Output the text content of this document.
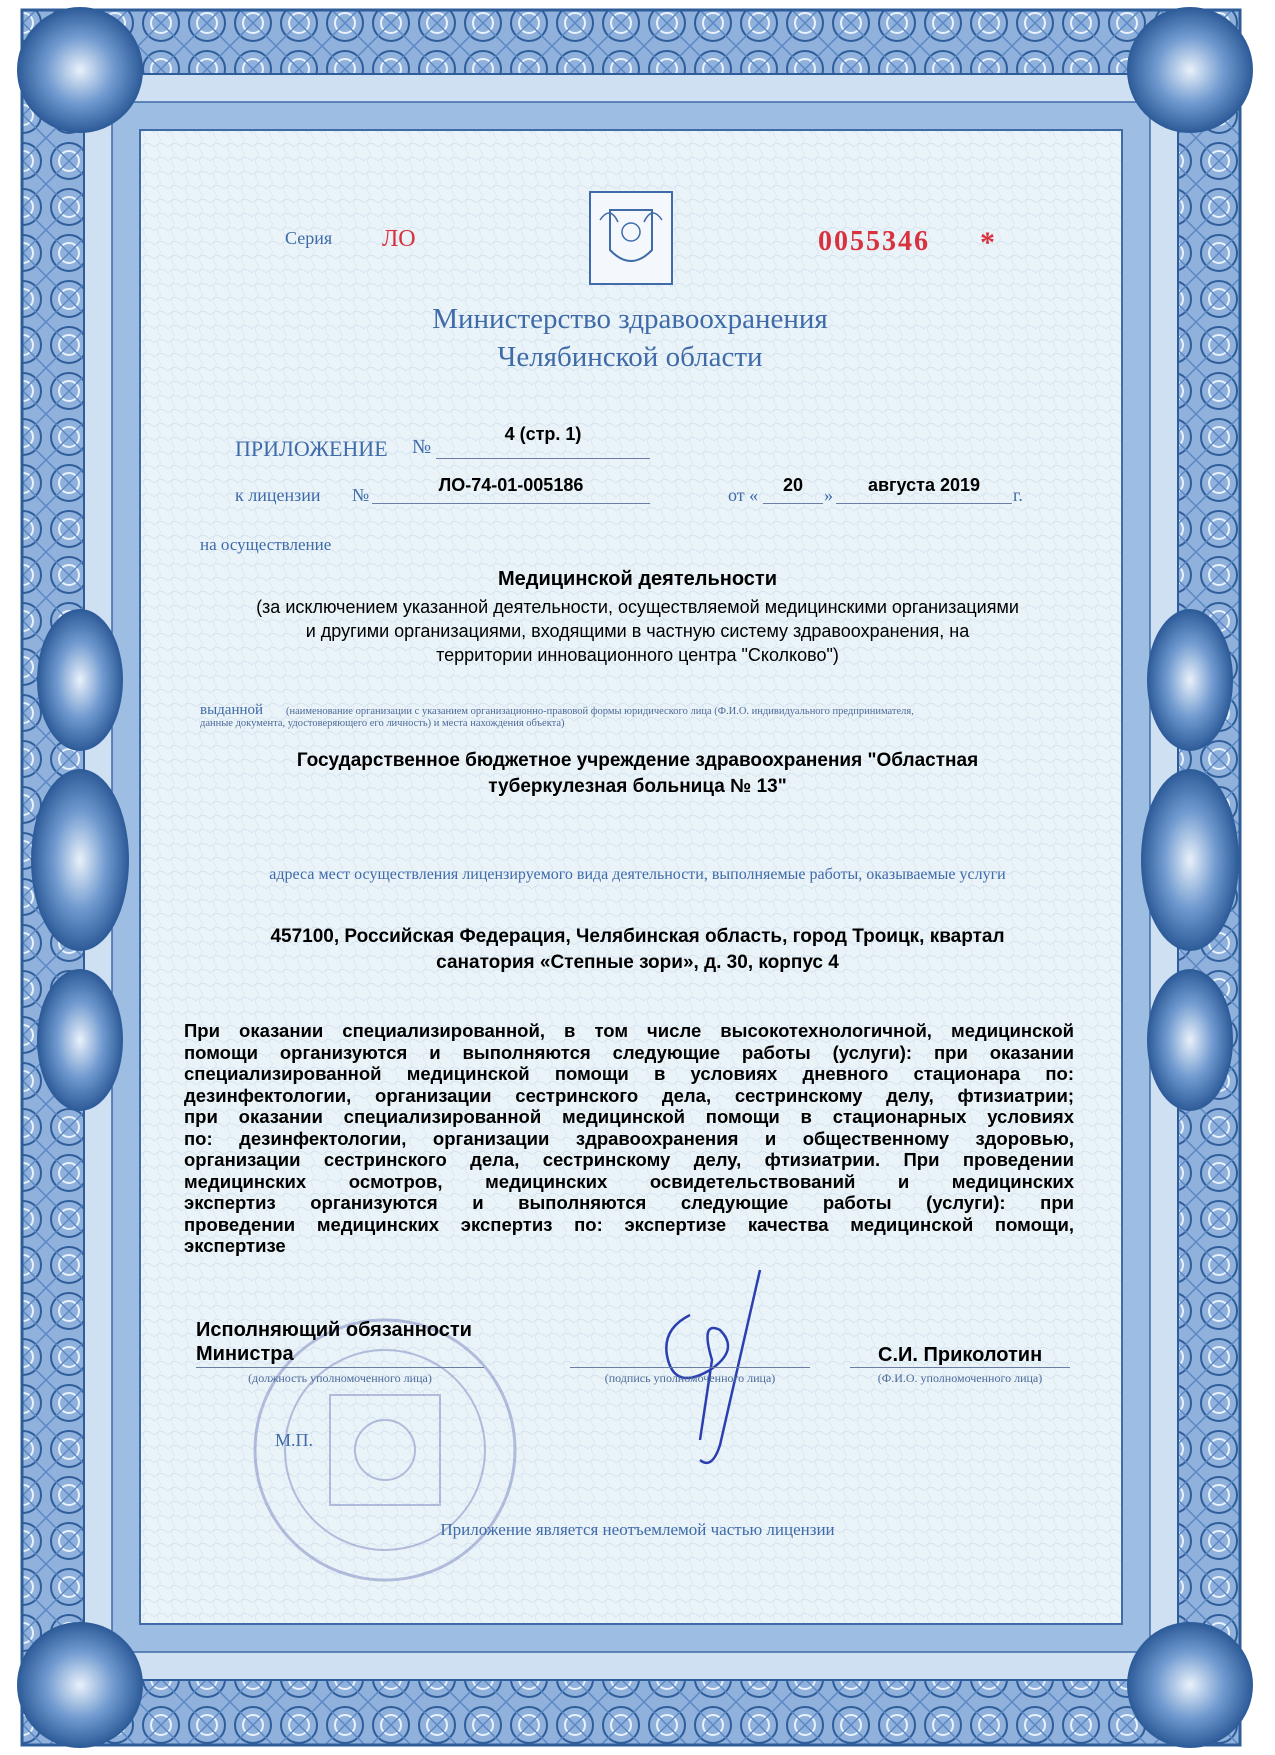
Серия ЛО	0055346 *
Министерство здравоохранения
Челябинской области
ПРИЛОЖЕНИЕ №
4 (стр. 1)
к лицензии №	ЛО-74-01-005186	от «	20	»	августа 2019	г.
на осуществление
Медицинской деятельности
(за исключением указанной деятельности, осуществляемой медицинскими организациями
и другими организациями, входящими в частную систему здравоохранения, на
территории инновационного центра "Сколково")
выданной (наименование организации с указанием организационно-правовой формы юридического лица (Ф.И.О. индивидуального предпринимателя,
данные документа, удостоверяющего его личность) и места нахождения объекта)
Государственное бюджетное учреждение здравоохранения "Областная
туберкулезная больница № 13"
адреса мест осуществления лицензируемого вида деятельности, выполняемые работы, оказываемые услуги
457100, Российская Федерация, Челябинская область, город Троицк, квартал
санатория «Степные зори», д. 30, корпус 4
При оказании специализированной, в том числе высокотехнологичной, медицинской
помощи организуются и выполняются следующие работы (услуги): при оказании
специализированной медицинской помощи в условиях дневного стационара по:
дезинфектологии, организации сестринского дела, сестринскому делу, фтизиатрии;
при оказании специализированной медицинской помощи в стационарных условиях
по: дезинфектологии, организации здравоохранения и общественному здоровью,
организации сестринского дела, сестринскому делу, фтизиатрии. При проведении
медицинских осмотров, медицинских освидетельствований и медицинских
экспертиз организуются и выполняются следующие работы (услуги): при
проведении медицинских экспертиз по: экспертизе качества медицинской помощи,
экспертизе
Исполняющий обязанности
Министра
(должность уполномоченного лица)	(подпись уполномоченного лица)
С.И. Приколотин
(Ф.И.О. уполномоченного лица)
М.П.
Приложение является неотъемлемой частью лицензии
